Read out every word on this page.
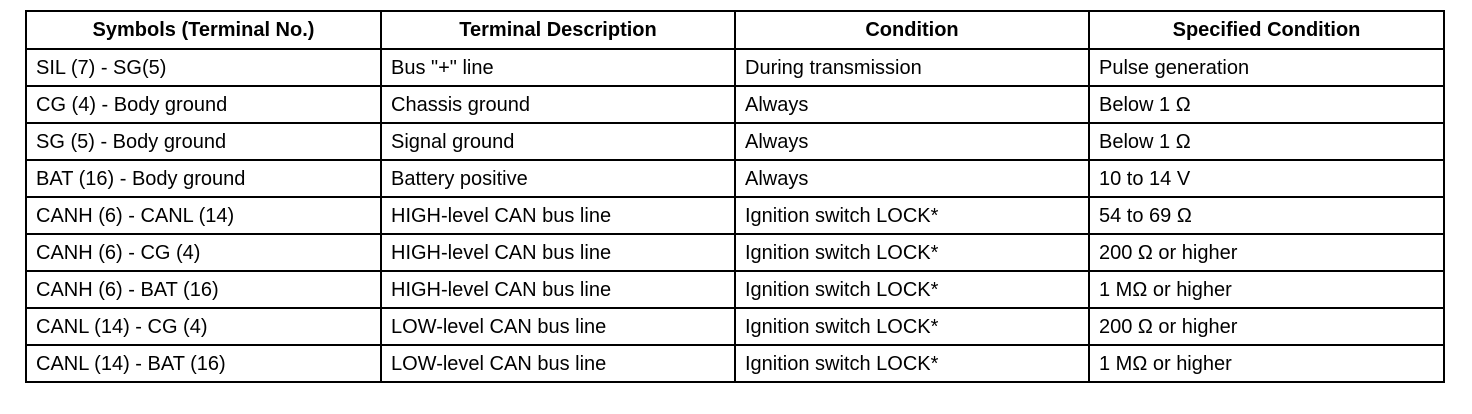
Symbols (Terminal No.)	Terminal Description	Condition	Specified Condition
SIL (7) - SG(5)	Bus "+" line	During transmission	Pulse generation
CG (4) - Body ground	Chassis ground	Always	Below 1 Ω
SG (5) - Body ground	Signal ground	Always	Below 1 Ω
BAT (16) - Body ground	Battery positive	Always	10 to 14 V
CANH (6) - CANL (14)	HIGH-level CAN bus line	Ignition switch LOCK*	54 to 69 Ω
CANH (6) - CG (4)	HIGH-level CAN bus line	Ignition switch LOCK*	200 Ω or higher
CANH (6) - BAT (16)	HIGH-level CAN bus line	Ignition switch LOCK*	1 MΩ or higher
CANL (14) - CG (4)	LOW-level CAN bus line	Ignition switch LOCK*	200 Ω or higher
CANL (14) - BAT (16)	LOW-level CAN bus line	Ignition switch LOCK*	1 MΩ or higher
